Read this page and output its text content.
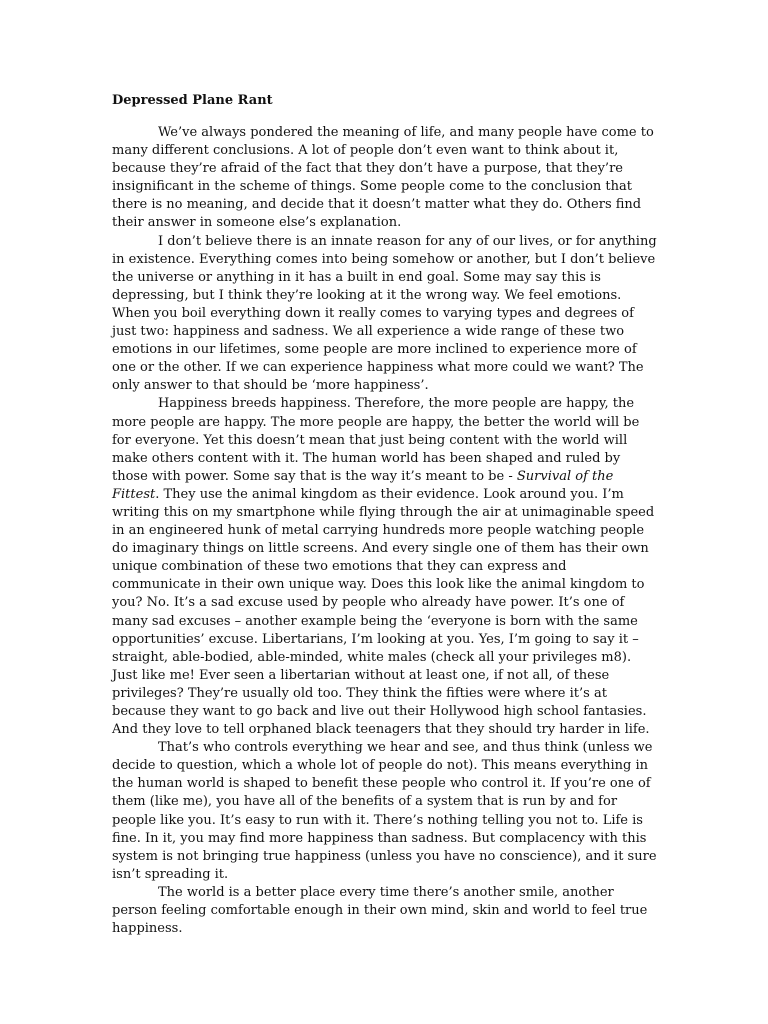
Depressed Plane Rant

We’ve always pondered the meaning of life, and many people have come to many different conclusions. A lot of people don’t even want to think about it, because they’re afraid of the fact that they don’t have a purpose, that they’re insignificant in the scheme of things. Some people come to the conclusion that there is no meaning, and decide that it doesn’t matter what they do. Others find their answer in someone else’s explanation.

I don’t believe there is an innate reason for any of our lives, or for anything in existence. Everything comes into being somehow or another, but I don’t believe the universe or anything in it has a built in end goal. Some may say this is depressing, but I think they’re looking at it the wrong way. We feel emotions. When you boil everything down it really comes to varying types and degrees of just two: happiness and sadness. We all experience a wide range of these two emotions in our lifetimes, some people are more inclined to experience more of one or the other. If we can experience happiness what more could we want? The only answer to that should be ‘more happiness’.

Happiness breeds happiness. Therefore, the more people are happy, the more people are happy. The more people are happy, the better the world will be for everyone. Yet this doesn’t mean that just being content with the world will make others content with it. The human world has been shaped and ruled by those with power. Some say that is the way it’s meant to be - Survival of the Fittest. They use the animal kingdom as their evidence. Look around you. I’m writing this on my smartphone while flying through the air at unimaginable speed in an engineered hunk of metal carrying hundreds more people watching people do imaginary things on little screens. And every single one of them has their own unique combination of these two emotions that they can express and communicate in their own unique way. Does this look like the animal kingdom to you? No. It’s a sad excuse used by people who already have power. It’s one of many sad excuses – another example being the ‘everyone is born with the same opportunities’ excuse. Libertarians, I’m looking at you. Yes, I’m going to say it – straight, able-bodied, able-minded, white males (check all your privileges m8). Just like me! Ever seen a libertarian without at least one, if not all, of these privileges? They’re usually old too. They think the fifties were where it’s at because they want to go back and live out their Hollywood high school fantasies. And they love to tell orphaned black teenagers that they should try harder in life.

That’s who controls everything we hear and see, and thus think (unless we decide to question, which a whole lot of people do not). This means everything in the human world is shaped to benefit these people who control it. If you’re one of them (like me), you have all of the benefits of a system that is run by and for people like you. It’s easy to run with it. There’s nothing telling you not to. Life is fine. In it, you may find more happiness than sadness. But complacency with this system is not bringing true happiness (unless you have no conscience), and it sure isn’t spreading it.

The world is a better place every time there’s another smile, another person feeling comfortable enough in their own mind, skin and world to feel true happiness.
